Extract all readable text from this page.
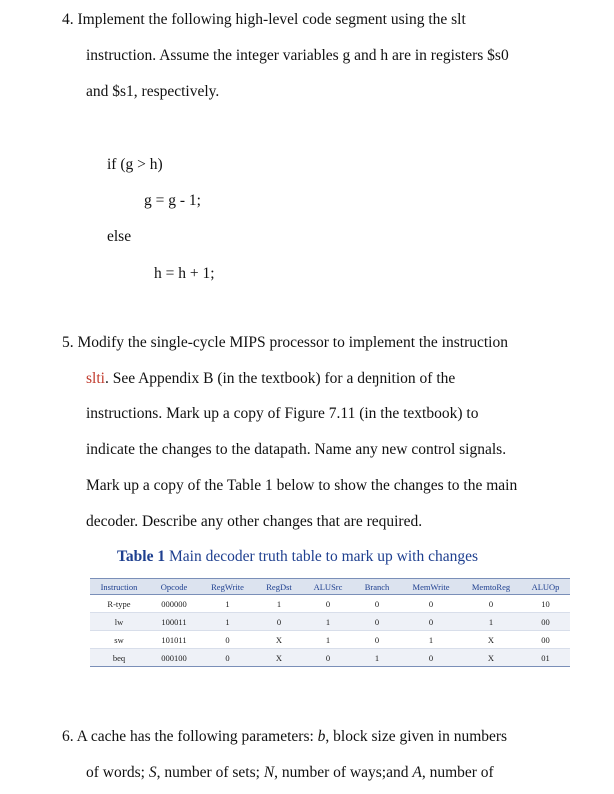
4. Implement the following high-level code segment using the slt
instruction. Assume the integer variables g and h are in registers $s0
and $s1, respectively.
if (g > h)
g = g - 1;
else
h = h + 1;
5. Modify the single-cycle MIPS processor to implement the instruction
slti. See Appendix B (in the textbook) for a deŋnition of the
instructions. Mark up a copy of Figure 7.11 (in the textbook) to
indicate the changes to the datapath. Name any new control signals.
Mark up a copy of the Table 1 below to show the changes to the main
decoder. Describe any other changes that are required.
Table 1 Main decoder truth table to mark up with changes
Instruction	Opcode	RegWrite	RegDst	ALUSrc	Branch	MemWrite	MemtoReg	ALUOp
R-type	000000	1	1	0	0	0	0	10
lw	100011	1	0	1	0	0	1	00
sw	101011	0	X	1	0	1	X	00
beq	000100	0	X	0	1	0	X	01
6. A cache has the following parameters: b, block size given in numbers
of words; S, number of sets; N, number of ways;and A, number of
